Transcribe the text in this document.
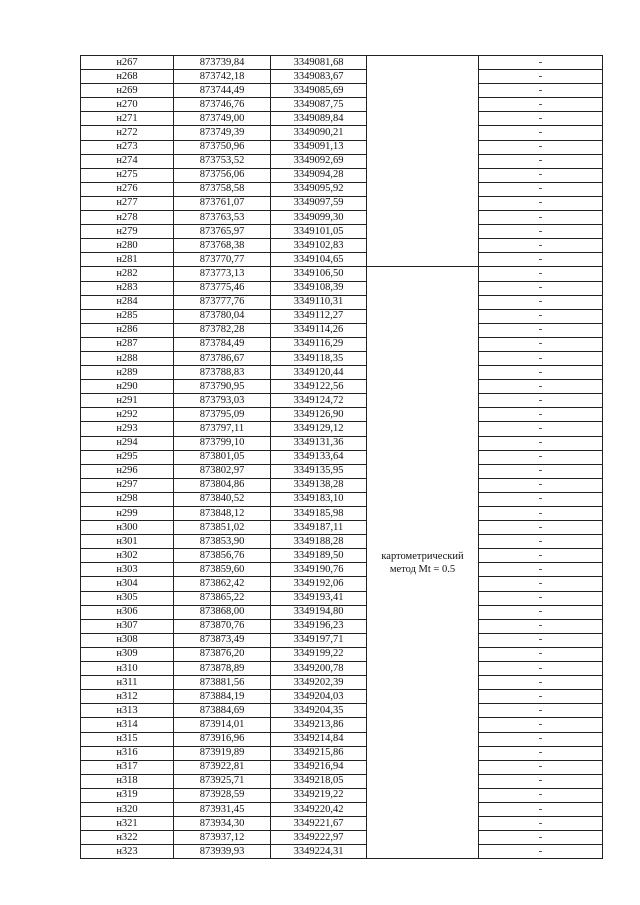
н267	873739,84	3349081,68		-
н268	873742,18	3349083,67		-
н269	873744,49	3349085,69		-
н270	873746,76	3349087,75		-
н271	873749,00	3349089,84		-
н272	873749,39	3349090,21		-
н273	873750,96	3349091,13		-
н274	873753,52	3349092,69		-
н275	873756,06	3349094,28		-
н276	873758,58	3349095,92		-
н277	873761,07	3349097,59		-
н278	873763,53	3349099,30		-
н279	873765,97	3349101,05		-
н280	873768,38	3349102,83		-
н281	873770,77	3349104,65		-
н282	873773,13	3349106,50	картометрический метод Mt = 0.5	-
н283	873775,46	3349108,39		-
н284	873777,76	3349110,31		-
н285	873780,04	3349112,27		-
н286	873782,28	3349114,26		-
н287	873784,49	3349116,29		-
н288	873786,67	3349118,35		-
н289	873788,83	3349120,44		-
н290	873790,95	3349122,56		-
н291	873793,03	3349124,72		-
н292	873795,09	3349126,90		-
н293	873797,11	3349129,12		-
н294	873799,10	3349131,36		-
н295	873801,05	3349133,64		-
н296	873802,97	3349135,95		-
н297	873804,86	3349138,28		-
н298	873840,52	3349183,10		-
н299	873848,12	3349185,98		-
н300	873851,02	3349187,11		-
н301	873853,90	3349188,28		-
н302	873856,76	3349189,50		-
н303	873859,60	3349190,76		-
н304	873862,42	3349192,06		-
н305	873865,22	3349193,41		-
н306	873868,00	3349194,80		-
н307	873870,76	3349196,23		-
н308	873873,49	3349197,71		-
н309	873876,20	3349199,22		-
н310	873878,89	3349200,78		-
н311	873881,56	3349202,39		-
н312	873884,19	3349204,03		-
н313	873884,69	3349204,35		-
н314	873914,01	3349213,86		-
н315	873916,96	3349214,84		-
н316	873919,89	3349215,86		-
н317	873922,81	3349216,94		-
н318	873925,71	3349218,05		-
н319	873928,59	3349219,22		-
н320	873931,45	3349220,42		-
н321	873934,30	3349221,67		-
н322	873937,12	3349222,97		-
н323	873939,93	3349224,31		-
